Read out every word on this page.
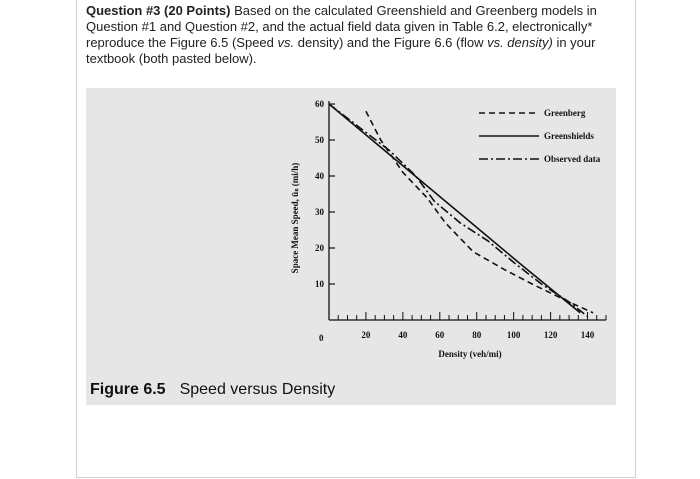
Question #3 (20 Points) Based on the calculated Greenshield and Greenberg models in Question #1 and Question #2, and the actual field data given in Table 6.2, electronically* reproduce the Figure 6.5 (Speed vs. density) and the Figure 6.6 (flow vs. density) in your textbook (both pasted below).
10
20
30
40
50
60
20	40	60	80	100	120	140
Greenberg
Greenshields
Observed data
0
Density (veh/mi)
Space Mean Speed, ūₛ (mi/h)
Figure 6.5 Speed versus Density
